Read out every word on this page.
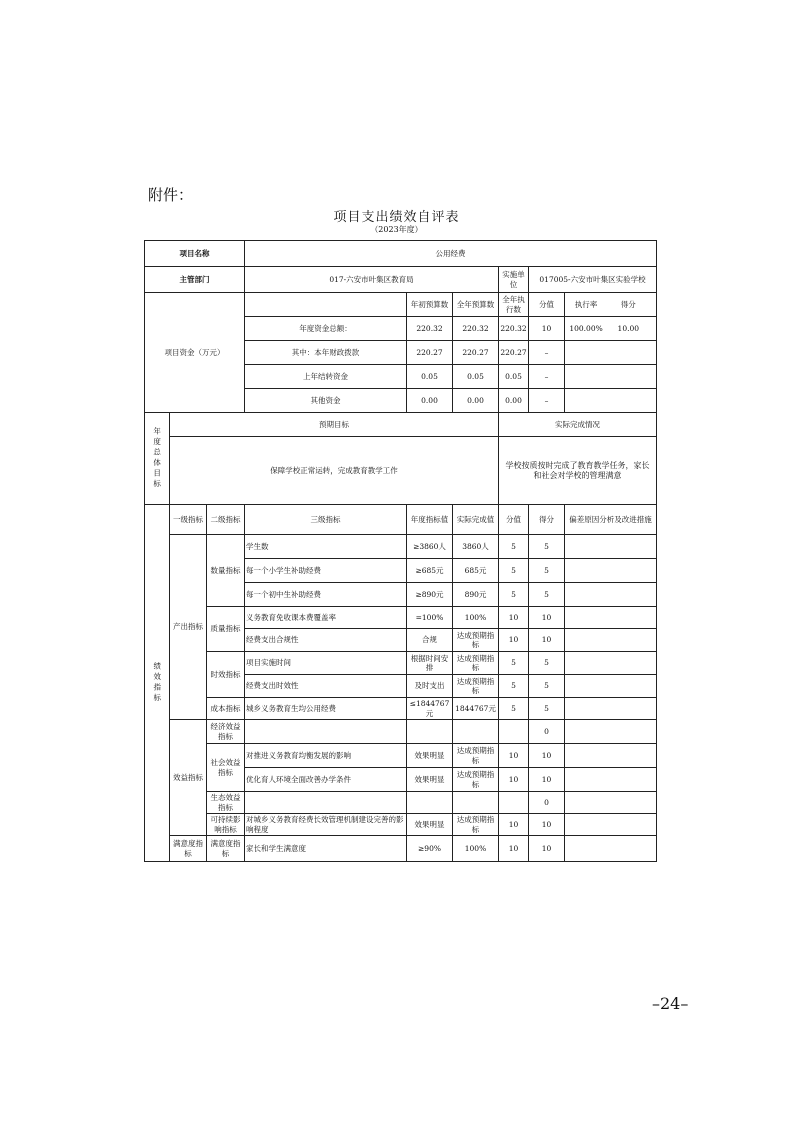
附件：
项目支出绩效自评表
（2023年度）
项目名称			公用经费					
主管部门			017-六安市叶集区教育局			实施单位	017005-六安市叶集区实验学校	
项目资金（万元）				年初预算数	全年预算数	全年执行数	分值	执行率 得分
			年度资金总额：	220.32	220.32	220.32	10	100.00% 10.00
			其中：本年财政拨款	220.27	220.27	220.27	–	
			上年结转资金	0.05	0.05	0.05	–	
			其他资金	0.00	0.00	0.00	–	
年度总体目标	预期目标					实际完成情况		
	保障学校正常运转，完成教育教学工作					学校按质按时完成了教育教学任务，家长和社会对学校的管理满意		
绩效指标	一级指标	二级指标	三级指标	年度指标值	实际完成值	分值	得分	偏差原因分析及改进措施
	产出指标	数量指标	学生数	≥3860人	3860人	5	5	
			每一个小学生补助经费	≥685元	685元	5	5	
			每一个初中生补助经费	≥890元	890元	5	5	
		质量指标	义务教育免收课本费覆盖率	=100%	100%	10	10	
			经费支出合规性	合规	达成预期指标	10	10	
		时效指标	项目实施时间	根据时间安排	达成预期指标	5	5	
			经费支出时效性	及时支出	达成预期指标	5	5	
		成本指标	城乡义务教育生均公用经费	≤1844767元	1844767元	5	5	
	效益指标	经济效益指标					0	
		社会效益指标	对推进义务教育均衡发展的影响	效果明显	达成预期指标	10	10	
			优化育人环境全面改善办学条件	效果明显	达成预期指标	10	10	
		生态效益指标					0	
		可持续影响指标	对城乡义务教育经费长效管理机制建设完善的影响程度	效果明显	达成预期指标	10	10	
	满意度指标	满意度指标	家长和学生满意度	≥90%	100%	10	10	
–24–
